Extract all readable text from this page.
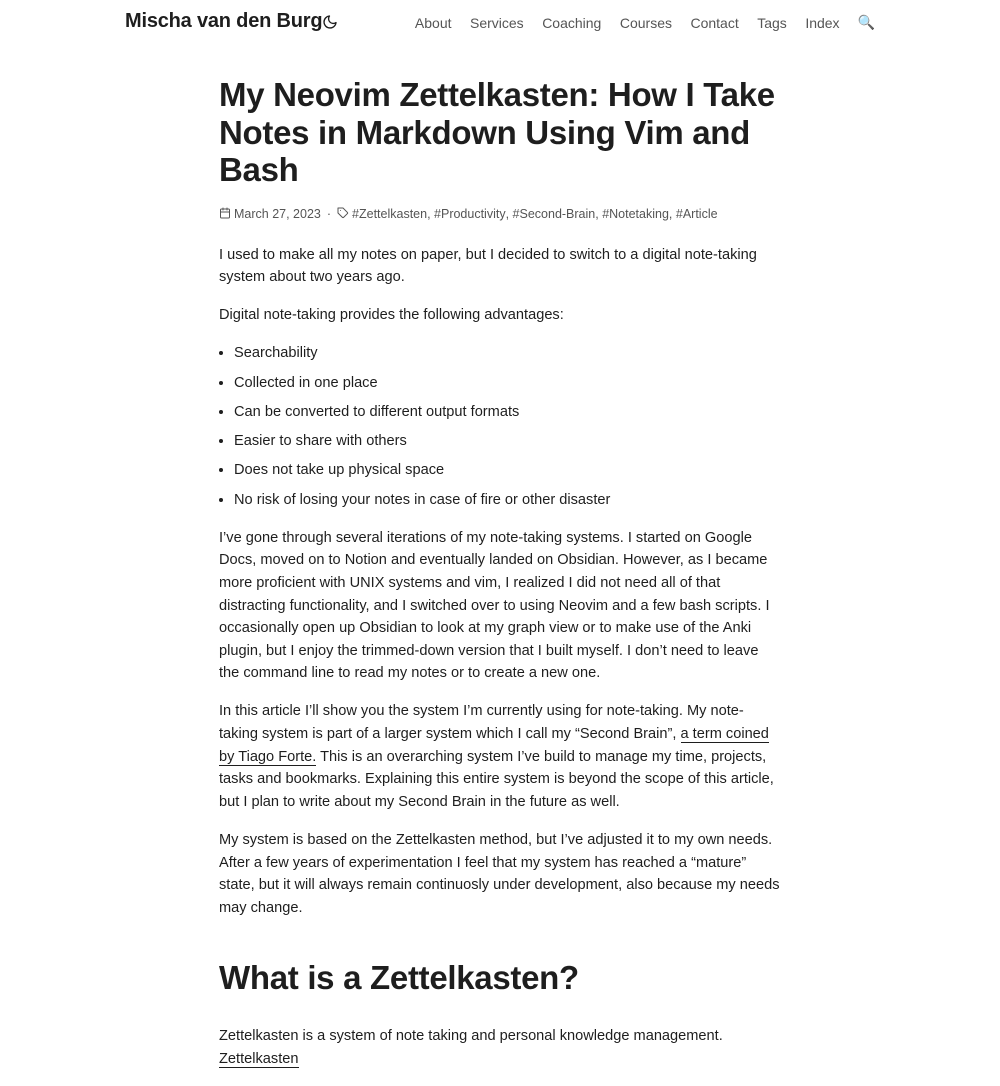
Mischa van den Burg	About Services Coaching Courses Contact Tags Index 🔍
My Neovim Zettelkasten: How I Take Notes in Markdown Using Vim and Bash
March 27, 2023 · #Zettelkasten , #Productivity , #Second-Brain , #Notetaking , #Article

I used to make all my notes on paper, but I decided to switch to a digital note-taking system about two years ago.

Digital note-taking provides the following advantages:

• Searchability
• Collected in one place
• Can be converted to different output formats
• Easier to share with others
• Does not take up physical space
• No risk of losing your notes in case of fire or other disaster

I’ve gone through several iterations of my note-taking systems. I started on Google Docs, moved on to Notion and eventually landed on Obsidian. However, as I became more proficient with UNIX systems and vim, I realized I did not need all of that distracting functionality, and I switched over to using Neovim and a few bash scripts. I occasionally open up Obsidian to look at my graph view or to make use of the Anki plugin, but I enjoy the trimmed-down version that I built myself. I don’t need to leave the command line to read my notes or to create a new one.

In this article I’ll show you the system I’m currently using for note-taking. My note-taking system is part of a larger system which I call my “Second Brain”, a term coined by Tiago Forte. This is an overarching system I’ve build to manage my time, projects, tasks and bookmarks. Explaining this entire system is beyond the scope of this article, but I plan to write about my Second Brain in the future as well.

My system is based on the Zettelkasten method, but I’ve adjusted it to my own needs. After a few years of experimentation I feel that my system has reached a “mature” state, but it will always remain continuosly under development, also because my needs may change.

What is a Zettelkasten?

Zettelkasten is a system of note taking and personal knowledge management. Zettelkasten
